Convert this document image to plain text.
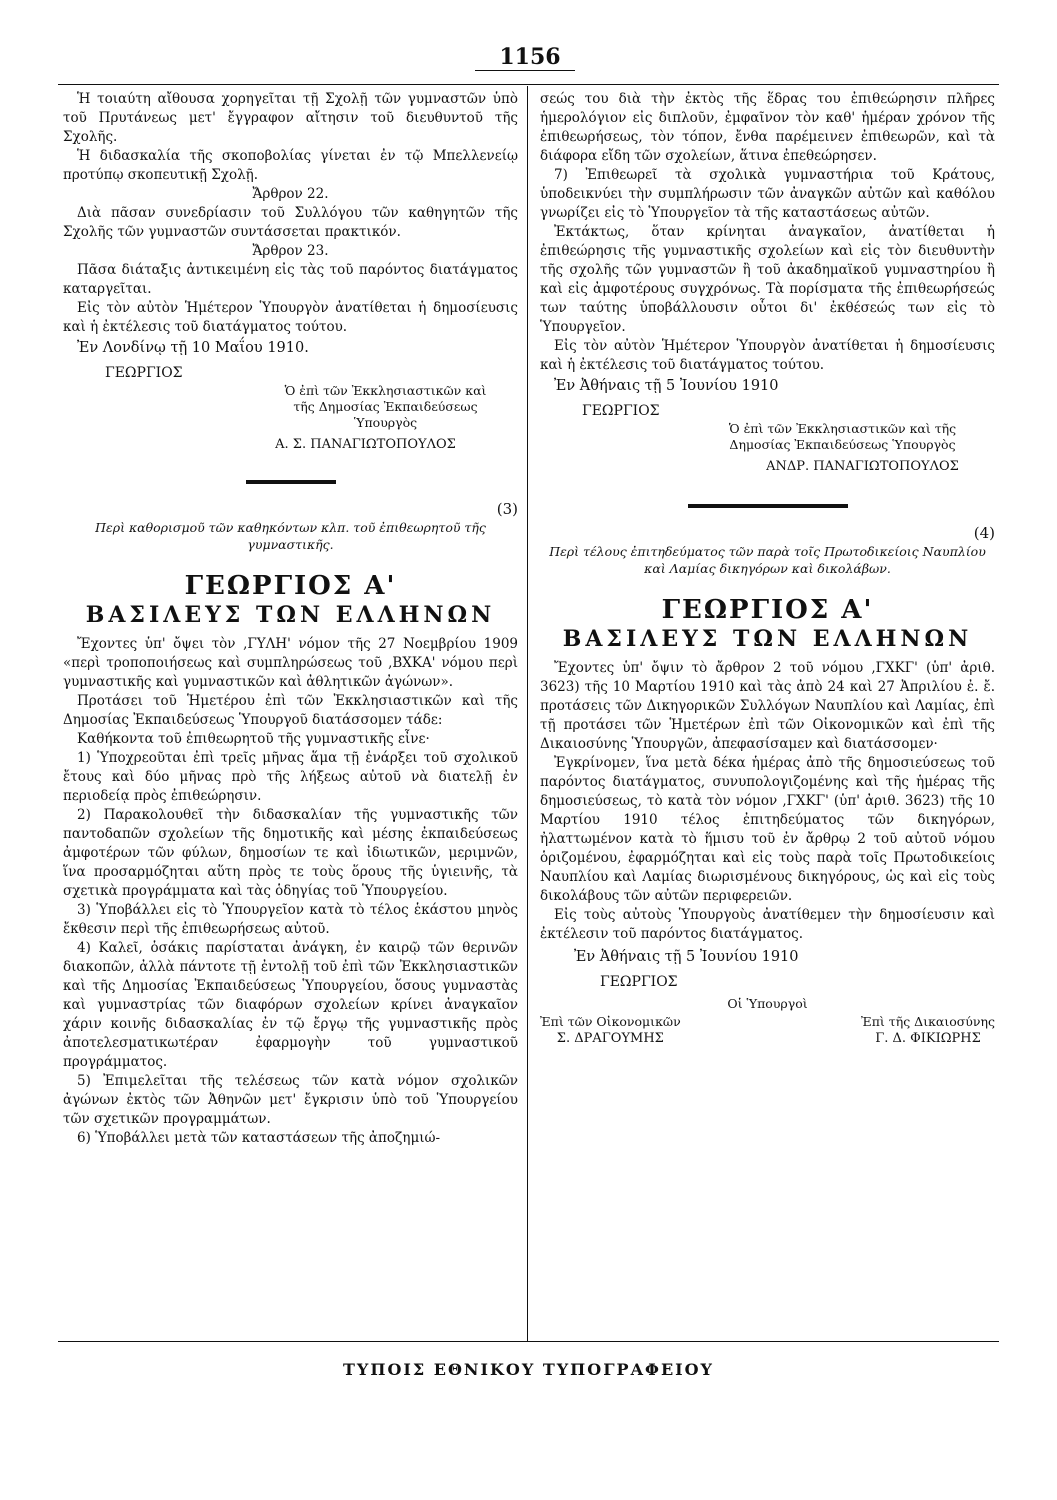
1156

Ἡ τοιαύτη αἴθουσα χορηγεῖται τῇ Σχολῇ τῶν γυμναστῶν ὑπὸ τοῦ Πρυτάνεως μετ' ἔγγραφον αἴτησιν τοῦ διευθυντοῦ τῆς Σχολῆς.

Ἡ διδασκαλία τῆς σκοποβολίας γίνεται ἐν τῷ Μπελλενείῳ προτύπῳ σκοπευτικῇ Σχολῇ.

Ἄρθρον 22.

Διὰ πᾶσαν συνεδρίασιν τοῦ Συλλόγου τῶν καθηγητῶν τῆς Σχολῆς τῶν γυμναστῶν συντάσσεται πρακτικόν.

Ἄρθρον 23.

Πᾶσα διάταξις ἀντικειμένη εἰς τὰς τοῦ παρόντος διατάγματος καταργεῖται.

Εἰς τὸν αὐτὸν Ἡμέτερον Ὑπουργὸν ἀνατίθεται ἡ δημοσίευσις καὶ ἡ ἐκτέλεσις τοῦ διατάγματος τούτου.

Ἐν Λονδίνῳ τῇ 10 Μαΐου 1910.

ΓΕΩΡΓΙΟΣ
Ὁ ἐπὶ τῶν Ἐκκλησιαστικῶν καὶ
τῆς Δημοσίας Ἐκπαιδεύσεως
Ὑπουργὸς
Α. Σ. ΠΑΝΑΓΙΩΤΟΠΟΥΛΟΣ
(3)
Περὶ καθορισμοῦ τῶν καθηκόντων κλπ. τοῦ ἐπιθεωρητοῦ τῆς γυμναστικῆς.
ΓΕΩΡΓΙΟΣ Α'
ΒΑΣΙΛΕΥΣ ΤΩΝ ΕΛΛΗΝΩΝ

Ἔχοντες ὑπ' ὄψει τὸν ,ΓΥΛΗ' νόμον τῆς 27 Νοεμβρίου 1909 «περὶ τροποποιήσεως καὶ συμπληρώσεως τοῦ ,ΒΧΚΑ' νόμου περὶ γυμναστικῆς καὶ γυμναστικῶν καὶ ἀθλητικῶν ἀγώνων».

Προτάσει τοῦ Ἡμετέρου ἐπὶ τῶν Ἐκκλησιαστικῶν καὶ τῆς Δημοσίας Ἐκπαιδεύσεως Ὑπουργοῦ διατάσσομεν τάδε:

Καθήκοντα τοῦ ἐπιθεωρητοῦ τῆς γυμναστικῆς εἶνε·

1) Ὑποχρεοῦται ἐπὶ τρεῖς μῆνας ἅμα τῇ ἐνάρξει τοῦ σχολικοῦ ἔτους καὶ δύο μῆνας πρὸ τῆς λήξεως αὐτοῦ νὰ διατελῇ ἐν περιοδείᾳ πρὸς ἐπιθεώρησιν.

2) Παρακολουθεῖ τὴν διδασκαλίαν τῆς γυμναστικῆς τῶν παντοδαπῶν σχολείων τῆς δημοτικῆς καὶ μέσης ἐκπαιδεύσεως ἀμφοτέρων τῶν φύλων, δημοσίων τε καὶ ἰδιωτικῶν, μεριμνῶν, ἵνα προσαρμόζηται αὕτη πρὸς τε τοὺς ὅρους τῆς ὑγιεινῆς, τὰ σχετικὰ προγράμματα καὶ τὰς ὁδηγίας τοῦ Ὑπουργείου.

3) Ὑποβάλλει εἰς τὸ Ὑπουργεῖον κατὰ τὸ τέλος ἑκάστου μηνὸς ἔκθεσιν περὶ τῆς ἐπιθεωρήσεως αὐτοῦ.

4) Καλεῖ, ὁσάκις παρίσταται ἀνάγκη, ἐν καιρῷ τῶν θερινῶν διακοπῶν, ἀλλὰ πάντοτε τῇ ἐντολῇ τοῦ ἐπὶ τῶν Ἐκκλησιαστικῶν καὶ τῆς Δημοσίας Ἐκπαιδεύσεως Ὑπουργείου, ὅσους γυμναστὰς καὶ γυμναστρίας τῶν διαφόρων σχολείων κρίνει ἀναγκαῖον χάριν κοινῆς διδασκαλίας ἐν τῷ ἔργῳ τῆς γυμναστικῆς πρὸς ἀποτελεσματικωτέραν ἐφαρμογὴν τοῦ γυμναστικοῦ προγράμματος.

5) Ἐπιμελεῖται τῆς τελέσεως τῶν κατὰ νόμον σχολικῶν ἀγώνων ἐκτὸς τῶν Ἀθηνῶν μετ' ἔγκρισιν ὑπὸ τοῦ Ὑπουργείου τῶν σχετικῶν προγραμμάτων.

6) Ὑποβάλλει μετὰ τῶν καταστάσεων τῆς ἀποζημιώ-

σεώς του διὰ τὴν ἐκτὸς τῆς ἕδρας του ἐπιθεώρησιν πλῆρες ἡμερολόγιον εἰς διπλοῦν, ἐμφαῖνον τὸν καθ' ἡμέραν χρόνον τῆς ἐπιθεωρήσεως, τὸν τόπον, ἔνθα παρέμεινεν ἐπιθεωρῶν, καὶ τὰ διάφορα εἴδη τῶν σχολείων, ἅτινα ἐπεθεώρησεν.

7) Ἐπιθεωρεῖ τὰ σχολικὰ γυμναστήρια τοῦ Κράτους, ὑποδεικνύει τὴν συμπλήρωσιν τῶν ἀναγκῶν αὐτῶν καὶ καθόλου γνωρίζει εἰς τὸ Ὑπουργεῖον τὰ τῆς καταστάσεως αὐτῶν.

Ἐκτάκτως, ὅταν κρίνηται ἀναγκαῖον, ἀνατίθεται ἡ ἐπιθεώρησις τῆς γυμναστικῆς σχολείων καὶ εἰς τὸν διευθυντὴν τῆς σχολῆς τῶν γυμναστῶν ἢ τοῦ ἀκαδημαϊκοῦ γυμναστηρίου ἢ καὶ εἰς ἀμφοτέρους συγχρόνως. Τὰ πορίσματα τῆς ἐπιθεωρήσεώς των ταύτης ὑποβάλλουσιν οὗτοι δι' ἐκθέσεώς των εἰς τὸ Ὑπουργεῖον.

Εἰς τὸν αὐτὸν Ἡμέτερον Ὑπουργὸν ἀνατίθεται ἡ δημοσίευσις καὶ ἡ ἐκτέλεσις τοῦ διατάγματος τούτου.

Ἐν Ἀθήναις τῇ 5 Ἰουνίου 1910

ΓΕΩΡΓΙΟΣ
Ὁ ἐπὶ τῶν Ἐκκλησιαστικῶν καὶ τῆς
Δημοσίας Ἐκπαιδεύσεως Ὑπουργὸς
ΑΝΔΡ. ΠΑΝΑΓΙΩΤΟΠΟΥΛΟΣ
(4)
Περὶ τέλους ἐπιτηδεύματος τῶν παρὰ τοῖς Πρωτοδικείοις Ναυπλίου καὶ Λαμίας δικηγόρων καὶ δικολάβων.
ΓΕΩΡΓΙΟΣ Α'
ΒΑΣΙΛΕΥΣ ΤΩΝ ΕΛΛΗΝΩΝ

Ἔχοντες ὑπ' ὄψιν τὸ ἄρθρον 2 τοῦ νόμου ,ΓΧΚΓ' (ὑπ' ἀριθ. 3623) τῆς 10 Μαρτίου 1910 καὶ τὰς ἀπὸ 24 καὶ 27 Ἀπριλίου ἐ. ἔ. προτάσεις τῶν Δικηγορικῶν Συλλόγων Ναυπλίου καὶ Λαμίας, ἐπὶ τῇ προτάσει τῶν Ἡμετέρων ἐπὶ τῶν Οἰκονομικῶν καὶ ἐπὶ τῆς Δικαιοσύνης Ὑπουργῶν, ἀπεφασίσαμεν καὶ διατάσσομεν·

Ἐγκρίνομεν, ἵνα μετὰ δέκα ἡμέρας ἀπὸ τῆς δημοσιεύσεως τοῦ παρόντος διατάγματος, συνυπολογιζομένης καὶ τῆς ἡμέρας τῆς δημοσιεύσεως, τὸ κατὰ τὸν νόμον ,ΓΧΚΓ' (ὑπ' ἀριθ. 3623) τῆς 10 Μαρτίου 1910 τέλος ἐπιτηδεύματος τῶν δικηγόρων, ἠλαττωμένον κατὰ τὸ ἥμισυ τοῦ ἐν ἄρθρῳ 2 τοῦ αὐτοῦ νόμου ὁριζομένου, ἐφαρμόζηται καὶ εἰς τοὺς παρὰ τοῖς Πρωτοδικείοις Ναυπλίου καὶ Λαμίας διωρισμένους δικηγόρους, ὡς καὶ εἰς τοὺς δικολάβους τῶν αὐτῶν περιφερειῶν.

Εἰς τοὺς αὐτοὺς Ὑπουργοὺς ἀνατίθεμεν τὴν δημοσίευσιν καὶ ἐκτέλεσιν τοῦ παρόντος διατάγματος.

Ἐν Ἀθήναις τῇ 5 Ἰουνίου 1910

ΓΕΩΡΓΙΟΣ
Οἱ Ὑπουργοὶ
Ἐπὶ τῶν Οἰκονομικῶν
Σ. ΔΡΑΓΟΥΜΗΣ
Ἐπὶ τῆς Δικαιοσύνης
Γ. Δ. ΦΙΚΙΩΡΗΣ
ΤΥΠΟΙΣ ΕΘΝΙΚΟΥ ΤΥΠΟΓΡΑΦΕΙΟΥ
